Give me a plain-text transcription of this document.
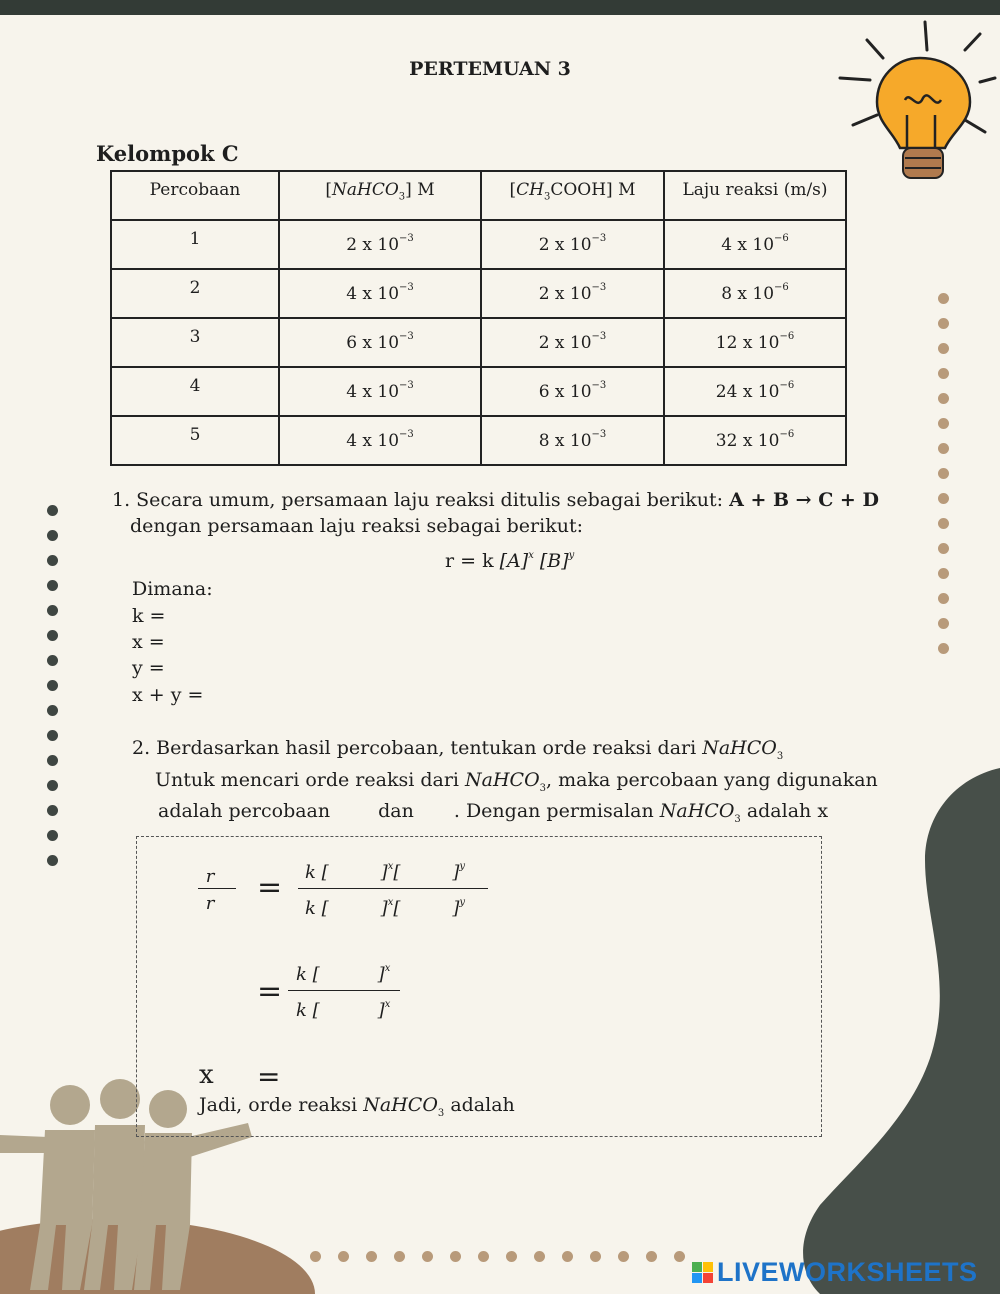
PERTEMUAN 3
Kelompok C
Percobaan	[NaHCO$_3$] M	$[CH_3COOH]$ M	Laju reaksi (m/s)
1	2 x $10^{-3}$	2 x $10^{-3}$	4 x $10^{-6}$
2	4 x $10^{-3}$	2 x $10^{-3}$	8 x $10^{-6}$
3	6 x $10^{-3}$	2 x $10^{-3}$	12 x $10^{-6}$
4	4 x $10^{-3}$	6 x $10^{-3}$	24 x $10^{-6}$
5	4 x $10^{-3}$	8 x $10^{-3}$	32 x $10^{-6}$
1. Secara umum, persamaan laju reaksi ditulis sebagai berikut: A + B → C + D
dengan persamaan laju reaksi sebagai berikut:
r = k $[A]^x$ $[B]^y$
Dimana:
k =
x =
y =
x + y =
2. Berdasarkan hasil percobaan, tentukan orde reaksi dari NaHCO$_3$
Untuk mencari orde reaksi dari NaHCO$_3$, maka percobaan yang digunakan
adalah percobaan	dan . Dengan permisalan NaHCO$_3$ adalah x
r
r = k [	]$^x$[	]$^y$
k [	]$^x$[	]$^y$
= k [	]$^x$
k [	]$^x$
x =
Jadi, orde reaksi NaHCO$_3$ adalah
LIVEWORKSHEETS
